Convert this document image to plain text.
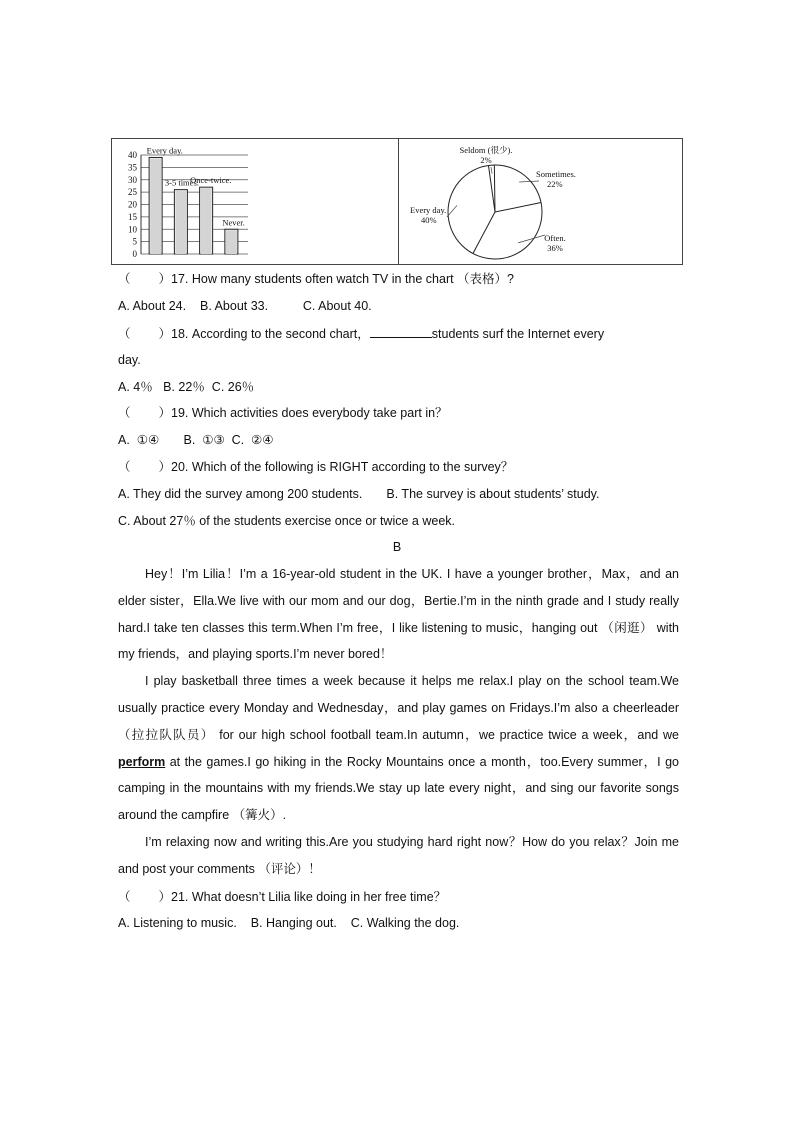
0
5
10
15
20
25
30
35
40 Every day.
3-5 times.
Once-twice.
Never.
Seldom (很少).
2%
Sometimes.
22%
Often.
36%
Every day.
40%
（ ）17. How many students often watch TV in the chart （表格）?
A. About 24.    B. About 33.          C. About 40.
（ ）18. According to the second chart，	students surf the Internet every
day.
A. 4％   B. 22％  C. 26％
（ ）19. Which activities does everybody take part in？
A.  ①④       B.  ①③  C.  ②④
（ ）20. Which of the following is RIGHT according to the survey？
A. They did the survey among 200 students. B. The survey is about students’ study.
C. About 27％ of the students exercise once or twice a week.
B

Hey！I’m Lilia！I’m a 16-year-old student in the UK. I have a younger brother，Max，and an elder sister，Ella.We live with our mom and our dog，Bertie.I’m in the ninth grade and I study really hard.I take ten classes this term.When I’m free，I like listening to music，hanging out （闲逛） with my friends，and playing sports.I’m never bored！

I play basketball three times a week because it helps me relax.I play on the school team.We usually practice every Monday and Wednesday，and play games on Fridays.I’m also a cheerleader （拉拉队队员） for our high school football team.In autumn，we practice twice a week，and we perform at the games.I go hiking in the Rocky Mountains once a month，too.Every summer，I go camping in the mountains with my friends.We stay up late every night，and sing our favorite songs around the campfire （篝火）.

I’m relaxing now and writing this.Are you studying hard right now？How do you relax？Join me and post your comments （评论）！

（ ）21. What doesn’t Lilia like doing in her free time？
A. Listening to music.    B. Hanging out.    C. Walking the dog.
